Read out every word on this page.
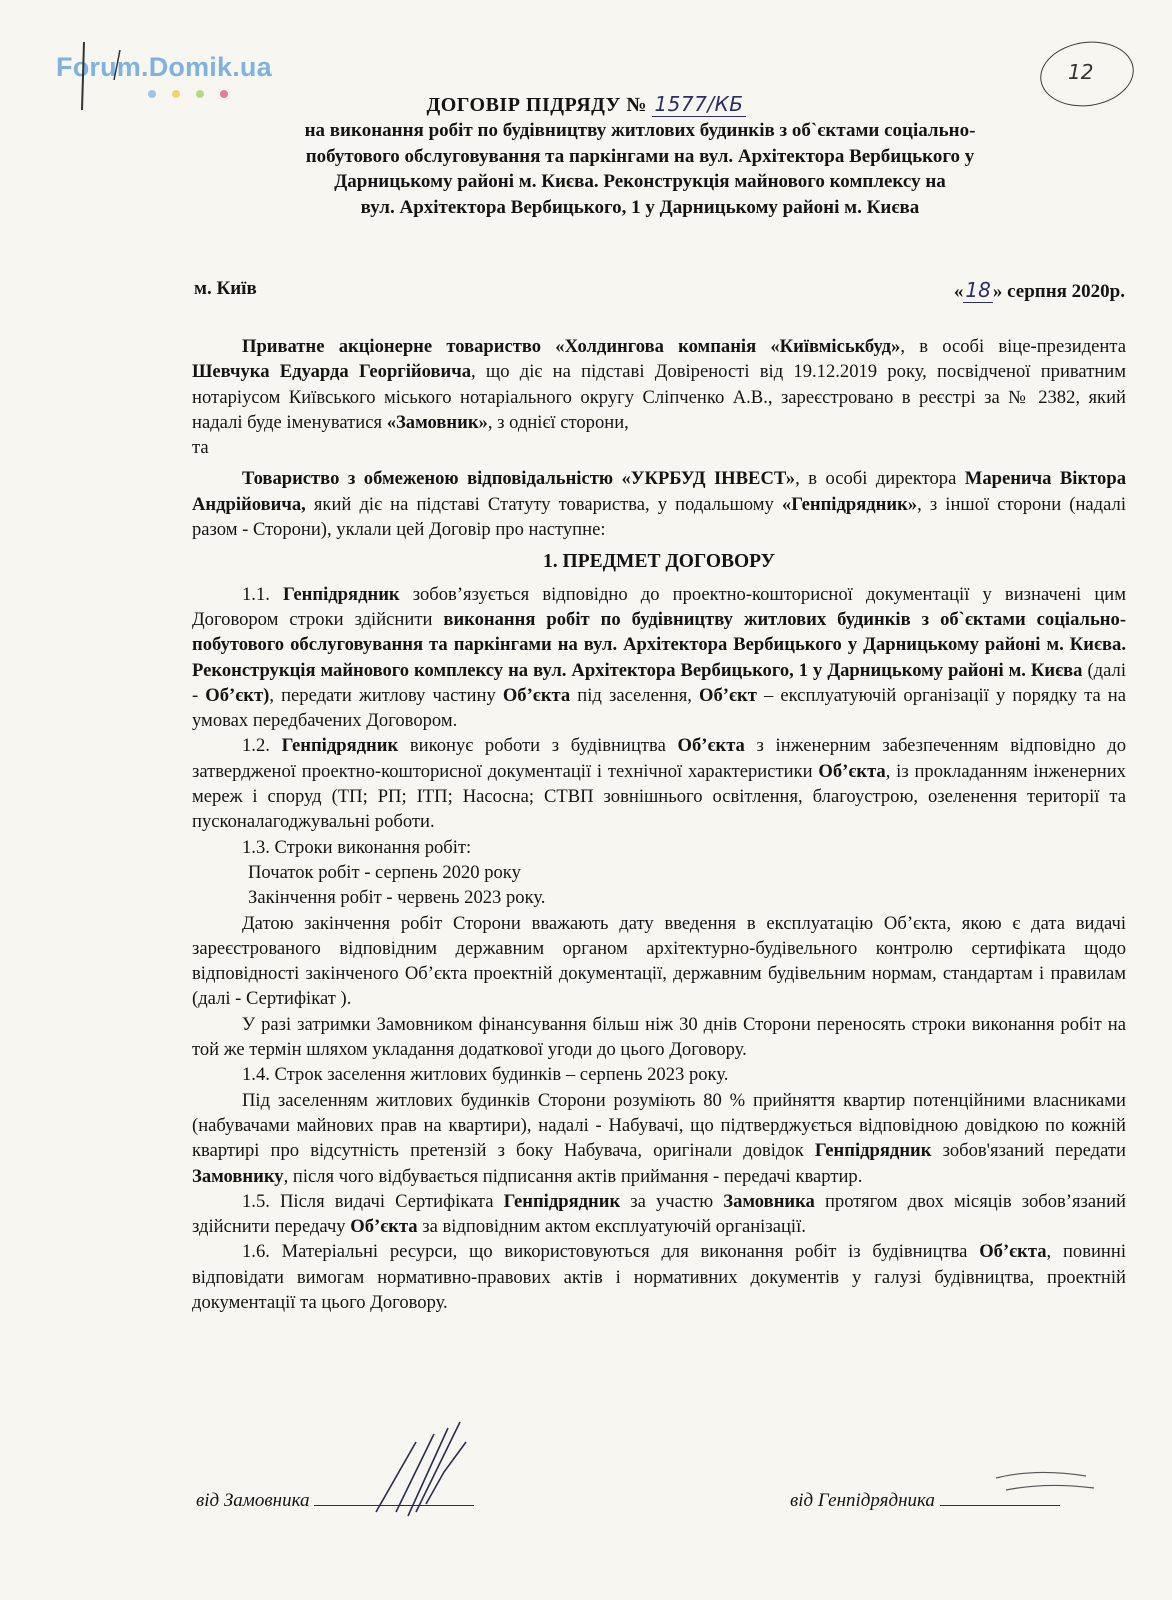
Forum.Domik.ua	12
ДОГОВІР ПІДРЯДУ № 1577/КБ
на виконання робіт по будівництву житлових будинків з об`єктами соціально-
побутового обслуговування та паркінгами на вул. Архітектора Вербицького у
Дарницькому районі м. Києва. Реконструкція майнового комплексу на
вул. Архітектора Вербицького, 1 у Дарницькому районі м. Києва
м. Київ	« 18 » серпня 2020р.

Приватне акціонерне товариство «Холдингова компанія «Київміськбуд», в особі віце-президента Шевчука Едуарда Георгійовича, що діє на підставі Довіреності від 19.12.2019 року, посвідченої приватним нотаріусом Київського міського нотаріального округу Сліпченко А.В., зареєстровано в реєстрі за № 2382, який надалі буде іменуватися «Замовник», з однієї сторони,

та

Товариство з обмеженою відповідальністю «УКРБУД ІНВЕСТ», в особі директора Маренича Віктора Андрійовича, який діє на підставі Статуту товариства, у подальшому «Генпідрядник», з іншої сторони (надалі разом - Сторони), уклали цей Договір про наступне:

1. ПРЕДМЕТ ДОГОВОРУ

1.1. Генпідрядник зобов’язується відповідно до проектно-кошторисної документації у визначені цим Договором строки здійснити виконання робіт по будівництву житлових будинків з об`єктами соціально-побутового обслуговування та паркінгами на вул. Архітектора Вербицького у Дарницькому районі м. Києва. Реконструкція майнового комплексу на вул. Архітектора Вербицького, 1 у Дарницькому районі м. Києва (далі - Об’єкт), передати житлову частину Об’єкта під заселення, Об’єкт – експлуатуючій організації у порядку та на умовах передбачених Договором.

1.2. Генпідрядник виконує роботи з будівництва Об’єкта з інженерним забезпеченням відповідно до затвердженої проектно-кошторисної документації і технічної характеристики Об’єкта, із прокладанням інженерних мереж і споруд (ТП; РП; ІТП; Насосна; СТВП зовнішнього освітлення, благоустрою, озеленення території та пусконалагоджувальні роботи.

1.3. Строки виконання робіт:

Початок робіт - серпень 2020 року

Закінчення робіт - червень 2023 року.

Датою закінчення робіт Сторони вважають дату введення в експлуатацію Об’єкта, якою є дата видачі зареєстрованого відповідним державним органом архітектурно-будівельного контролю сертифіката щодо відповідності закінченого Об’єкта проектній документації, державним будівельним нормам, стандартам і правилам (далі - Сертифікат ).

У разі затримки Замовником фінансування більш ніж 30 днів Сторони переносять строки виконання робіт на той же термін шляхом укладання додаткової угоди до цього Договору.

1.4. Строк заселення житлових будинків – серпень 2023 року.

Під заселенням житлових будинків Сторони розуміють 80 % прийняття квартир потенційними власниками (набувачами майнових прав на квартири), надалі - Набувачі, що підтверджується відповідною довідкою по кожній квартирі про відсутність претензій з боку Набувача, оригінали довідок Генпідрядник зобов'язаний передати Замовнику, після чого відбувається підписання актів приймання - передачі квартир.

1.5. Після видачі Сертифіката Генпідрядник за участю Замовника протягом двох місяців зобов’язаний здійснити передачу Об’єкта за відповідним актом експлуатуючій організації.

1.6. Матеріальні ресурси, що використовуються для виконання робіт із будівництва Об’єкта, повинні відповідати вимогам нормативно-правових актів і нормативних документів у галузі будівництва, проектній документації та цього Договору.

від Замовника	від Генпідрядника
